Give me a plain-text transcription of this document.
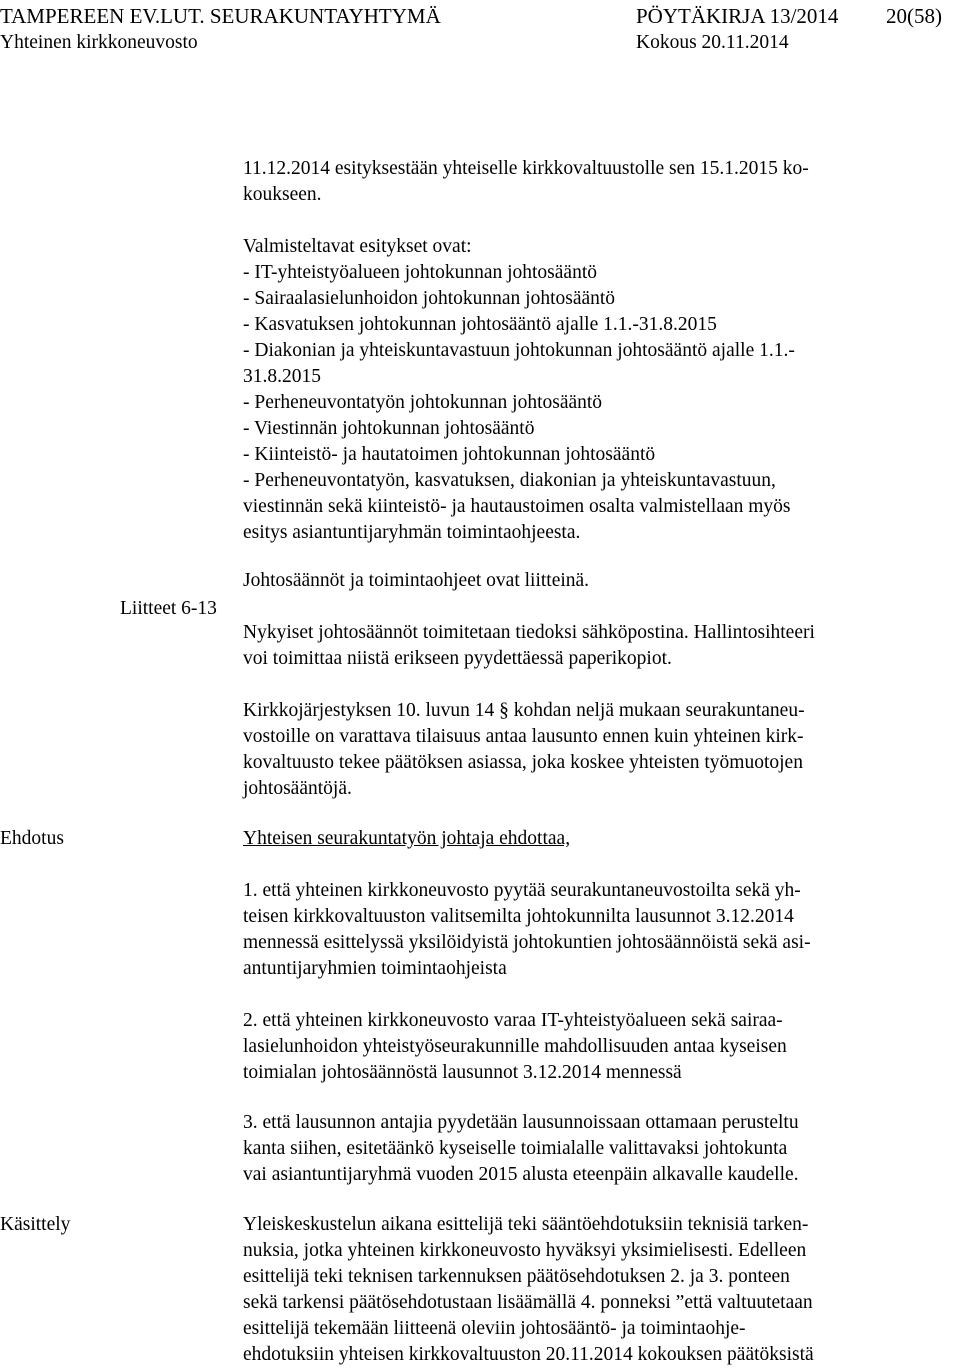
TAMPEREEN EV.LUT. SEURAKUNTAYHTYMÄ	PÖYTÄKIRJA 13/2014 20(58)
Yhteinen kirkkoneuvosto	Kokous 20.11.2014
Liitteet 6-13
Ehdotus
Käsittely
11.12.2014 esityksestään yhteiselle kirkkovaltuustolle sen 15.1.2015 ko-
koukseen.
Valmisteltavat esitykset ovat:
- IT-yhteistyöalueen johtokunnan johtosääntö
- Sairaalasielunhoidon johtokunnan johtosääntö
- Kasvatuksen johtokunnan johtosääntö ajalle 1.1.-31.8.2015
- Diakonian ja yhteiskuntavastuun johtokunnan johtosääntö ajalle 1.1.-
31.8.2015
- Perheneuvontatyön johtokunnan johtosääntö
- Viestinnän johtokunnan johtosääntö
- Kiinteistö- ja hautatoimen johtokunnan johtosääntö
- Perheneuvontatyön, kasvatuksen, diakonian ja yhteiskuntavastuun,
viestinnän sekä kiinteistö- ja hautaustoimen osalta valmistellaan myös
esitys asiantuntijaryhmän toimintaohjeesta.
Johtosäännöt ja toimintaohjeet ovat liitteinä.
Nykyiset johtosäännöt toimitetaan tiedoksi sähköpostina. Hallintosihteeri
voi toimittaa niistä erikseen pyydettäessä paperikopiot.
Kirkkojärjestyksen 10. luvun 14 § kohdan neljä mukaan seurakuntaneu-
vostoille on varattava tilaisuus antaa lausunto ennen kuin yhteinen kirk-
kovaltuusto tekee päätöksen asiassa, joka koskee yhteisten työmuotojen
johtosääntöjä.
Yhteisen seurakuntatyön johtaja ehdottaa,
1. että yhteinen kirkkoneuvosto pyytää seurakuntaneuvostoilta sekä yh-
teisen kirkkovaltuuston valitsemilta johtokunnilta lausunnot 3.12.2014
mennessä esittelyssä yksilöidyistä johtokuntien johtosäännöistä sekä asi-
antuntijaryhmien toimintaohjeista
2. että yhteinen kirkkoneuvosto varaa IT-yhteistyöalueen sekä sairaa-
lasielunhoidon yhteistyöseurakunnille mahdollisuuden antaa kyseisen
toimialan johtosäännöstä lausunnot 3.12.2014 mennessä
3. että lausunnon antajia pyydetään lausunnoissaan ottamaan perusteltu
kanta siihen, esitetäänkö kyseiselle toimialalle valittavaksi johtokunta
vai asiantuntijaryhmä vuoden 2015 alusta eteenpäin alkavalle kaudelle.
Yleiskeskustelun aikana esittelijä teki sääntöehdotuksiin teknisiä tarken-
nuksia, jotka yhteinen kirkkoneuvosto hyväksyi yksimielisesti. Edelleen
esittelijä teki teknisen tarkennuksen päätösehdotuksen 2. ja 3. ponteen
sekä tarkensi päätösehdotustaan lisäämällä 4. ponneksi ”että valtuutetaan
esittelijä tekemään liitteenä oleviin johtosääntö- ja toimintaohje-
ehdotuksiin yhteisen kirkkovaltuuston 20.11.2014 kokouksen päätöksistä
